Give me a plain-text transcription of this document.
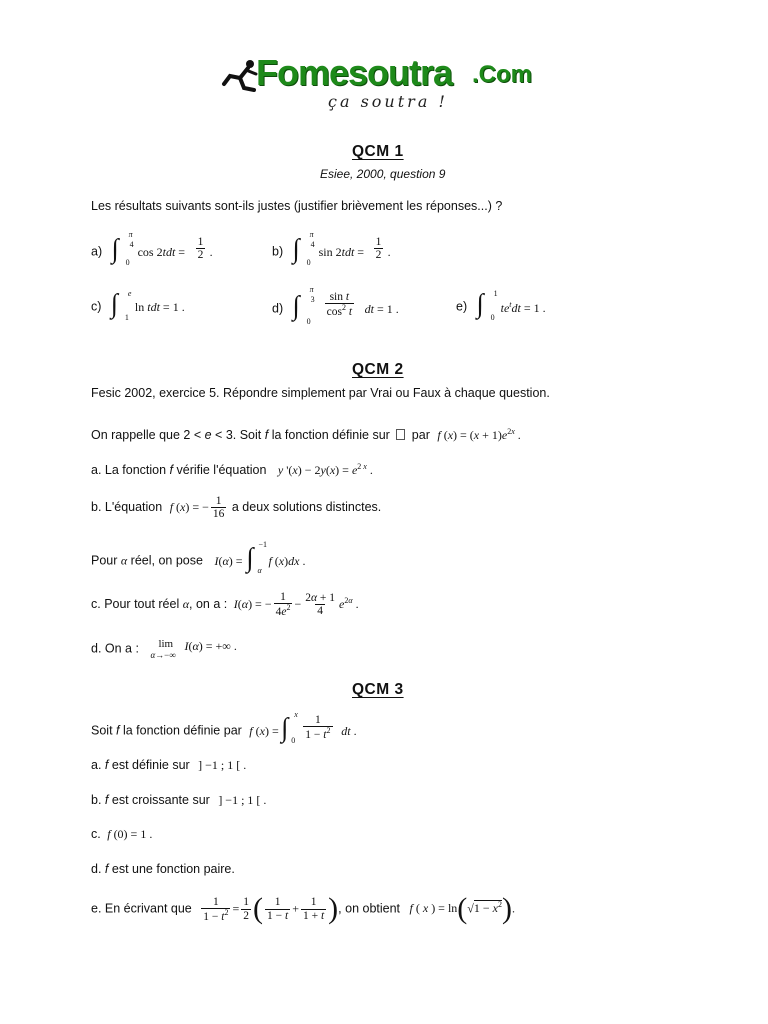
Fomesoutra .Com
ça soutra !
QCM 1
Esiee, 2000, question 9
Les résultats suivants sont-ils justes (justifier brièvement les réponses...) ?
a) ∫ π
4
0
$\cos 2tdt = \frac{1}{2}$ .	b) ∫ π
4
0
$\sin 2tdt = \frac{1}{2}$ .
c) ∫ e
1
ln tdt = 1 .	d) ∫
π
3
0
$\frac{\text{sin t}}{\cos^2 t}$ dt = 1 .	e) ∫ 1
0
$te^tdt = 1$ .
QCM 2
Fesic 2002, exercice 5. Répondre simplement par Vrai ou Faux à chaque question.
On rappelle que 2 < e < 3. Soit f la fonction définie sur  par f $(x) = (x + 1)e^{2x}$ .
a. La fonction f vérifie l'équation y '$(x) - 2y(x) = e^{2 x}$ .
b. L'équation f (x) = − $\frac{1}{16}$ a deux solutions distinctes.
Pour α réel, on pose I(α) = ∫ −1
α
f (x)dx .
c. Pour tout réel α, on a : I(α) = − $\frac{1}{4e^2} - \frac{2\alpha + 1}{4} e^{2\alpha}$ .
d. On a : lim
α→−∞
I(α) = +∞ .
QCM 3
Soit f la fonction définie par f (x) = ∫ x
$0 \frac{1}{1 - t^2}$ dt .
a. f est définie sur ] −1 ; 1 [ .
b. f est croissante sur ] −1 ; 1 [ .
c. f (0) = 1 .
d. f est une fonction paire.
e. En écrivant que $\frac{1}{1 - t^2} = \frac{1}{2}$ ( $\frac{1}{1 - t} + \frac{1}{1 + t}$ ), on obtient f ( x ) = $\ln(√1 - x^2)$.
